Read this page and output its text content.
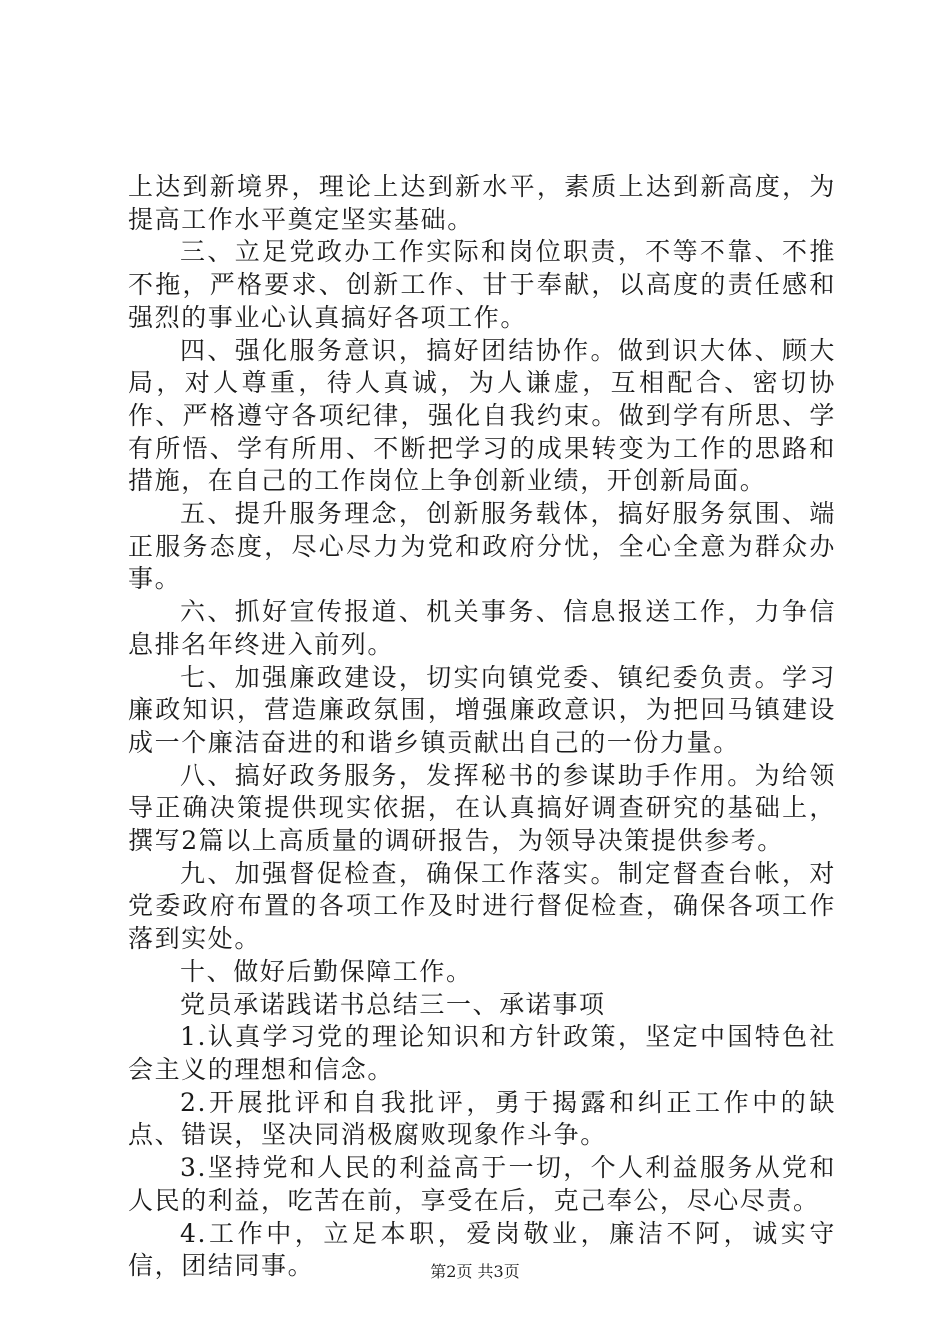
上达到新境界，理论上达到新水平，素质上达到新高度，为提高工作水平奠定坚实基础。

三、立足党政办工作实际和岗位职责，不等不靠、不推不拖，严格要求、创新工作、甘于奉献，以高度的责任感和强烈的事业心认真搞好各项工作。

四、强化服务意识，搞好团结协作。做到识大体、顾大局，对人尊重，待人真诚，为人谦虚，互相配合、密切协作、严格遵守各项纪律，强化自我约束。做到学有所思、学有所悟、学有所用、不断把学习的成果转变为工作的思路和措施，在自己的工作岗位上争创新业绩，开创新局面。

五、提升服务理念，创新服务载体，搞好服务氛围、端正服务态度，尽心尽力为党和政府分忧，全心全意为群众办事。

六、抓好宣传报道、机关事务、信息报送工作，力争信息排名年终进入前列。

七、加强廉政建设，切实向镇党委、镇纪委负责。学习廉政知识，营造廉政氛围，增强廉政意识，为把回马镇建设成一个廉洁奋进的和谐乡镇贡献出自己的一份力量。

八、搞好政务服务，发挥秘书的参谋助手作用。为给领导正确决策提供现实依据，在认真搞好调查研究的基础上，撰写2篇以上高质量的调研报告，为领导决策提供参考。

九、加强督促检查，确保工作落实。制定督查台帐，对党委政府布置的各项工作及时进行督促检查，确保各项工作落到实处。

十、做好后勤保障工作。

党员承诺践诺书总结三一、承诺事项

1.认真学习党的理论知识和方针政策，坚定中国特色社会主义的理想和信念。

2.开展批评和自我批评，勇于揭露和纠正工作中的缺点、错误，坚决同消极腐败现象作斗争。

3.坚持党和人民的利益高于一切，个人利益服务从党和人民的利益，吃苦在前，享受在后，克己奉公，尽心尽责。

4.工作中，立足本职，爱岗敬业，廉洁不阿，诚实守信，团结同事。	第2页 共3页
